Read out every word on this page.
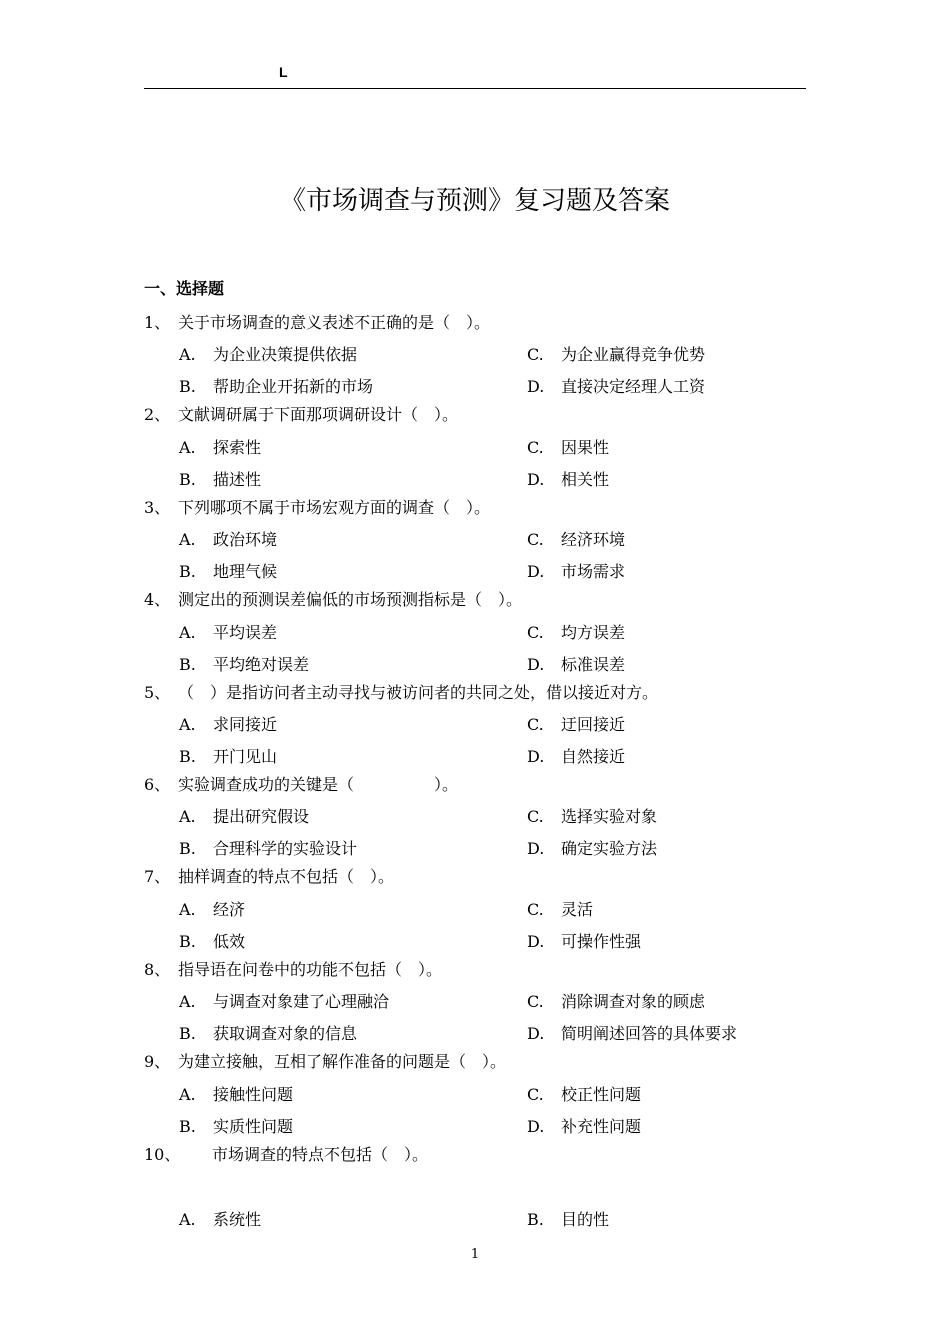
L
《市场调查与预测》复习题及答案
一、选择题
1、 关于市场调查的意义表述不正确的是（　）。
A. 为企业决策提供依据	C. 为企业赢得竞争优势
B. 帮助企业开拓新的市场	D. 直接决定经理人工资
2、 文献调研属于下面那项调研设计（　）。
A. 探索性	C. 因果性
B. 描述性	D. 相关性
3、 下列哪项不属于市场宏观方面的调查（　）。
A. 政治环境	C. 经济环境
B. 地理气候	D. 市场需求
4、 测定出的预测误差偏低的市场预测指标是（　）。
A. 平均误差	C. 均方误差
B. 平均绝对误差	D. 标准误差
5、 （　）是指访问者主动寻找与被访问者的共同之处，借以接近对方。
A. 求同接近	C. 迂回接近
B. 开门见山	D. 自然接近
6、 实验调查成功的关键是（　　　　　）。
A. 提出研究假设	C. 选择实验对象
B. 合理科学的实验设计	D. 确定实验方法
7、 抽样调查的特点不包括（　）。
A. 经济	C. 灵活
B. 低效	D. 可操作性强
8、 指导语在问卷中的功能不包括（　）。
A. 与调查对象建了心理融洽	C. 消除调查对象的顾虑
B. 获取调查对象的信息	D. 简明阐述回答的具体要求
9、 为建立接触，互相了解作准备的问题是（　）。
A. 接触性问题	C. 校正性问题
B. 实质性问题	D. 补充性问题
10、 市场调查的特点不包括（　）。
A. 系统性	B. 目的性
1
